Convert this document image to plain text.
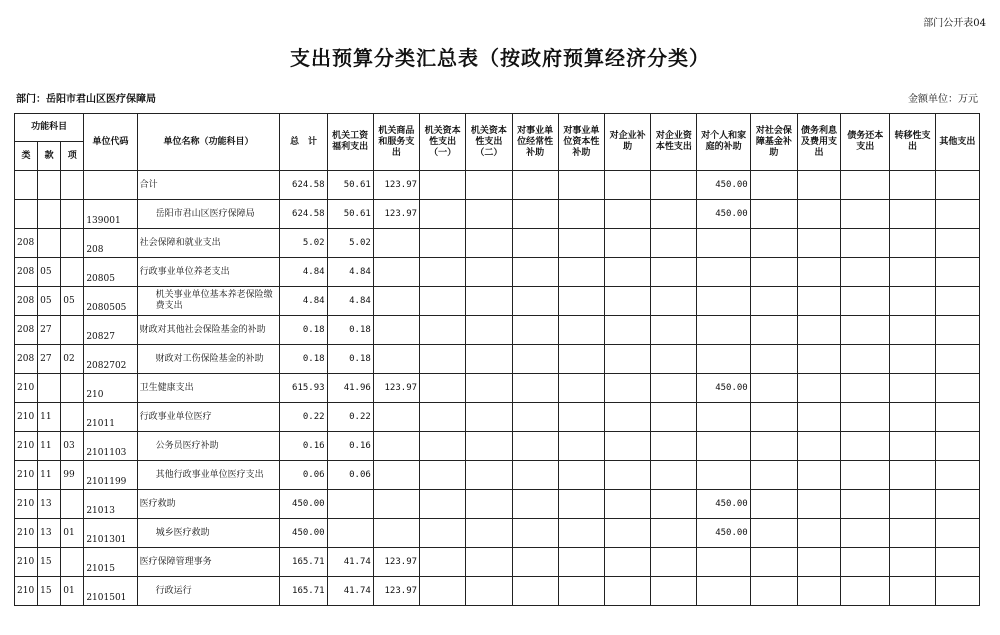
部门公开表04
支出预算分类汇总表（按政府预算经济分类）
部门：岳阳市君山区医疗保障局	金额单位：万元
功能科目			单位代码	单位名称（功能科目）	总　计	机关工资福利支出	机关商品和服务支出	机关资本性支出（一）	机关资本性支出（二）	对事业单位经常性补助	对事业单位资本性补助	对企业补助	对企业资本性支出	对个人和家庭的补助	对社会保障基金补助	债务利息及费用支出	债务还本支出	转移性支出	其他支出
类	款	项																	
				合计	624.58	50.61	123.97							450.00					
			139001	岳阳市君山区医疗保障局	624.58	50.61	123.97							450.00					
208			208	社会保障和就业支出	5.02	5.02													
208	05		20805	行政事业单位养老支出	4.84	4.84													
208	05	05	2080505	机关事业单位基本养老保险缴费支出	4.84	4.84													
208	27		20827	财政对其他社会保险基金的补助	0.18	0.18													
208	27	02	2082702	财政对工伤保险基金的补助	0.18	0.18													
210			210	卫生健康支出	615.93	41.96	123.97							450.00					
210	11		21011	行政事业单位医疗	0.22	0.22													
210	11	03	2101103	公务员医疗补助	0.16	0.16													
210	11	99	2101199	其他行政事业单位医疗支出	0.06	0.06													
210	13		21013	医疗救助	450.00									450.00					
210	13	01	2101301	城乡医疗救助	450.00									450.00					
210	15		21015	医疗保障管理事务	165.71	41.74	123.97												
210	15	01	2101501	行政运行	165.71	41.74	123.97												
